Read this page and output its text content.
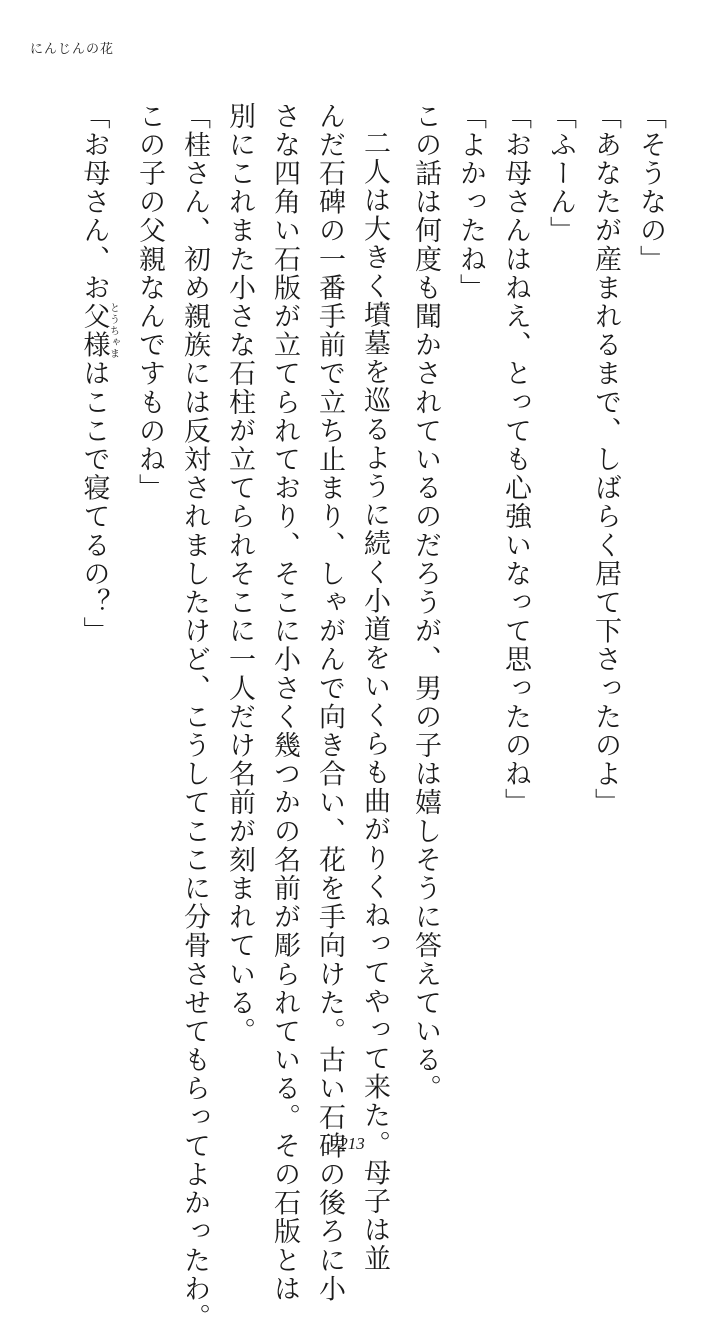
にんじんの花
「そうなの」
「あなたが産まれるまで、しばらく居て下さったのよ」
「ふーん」
「お母さんはねえ、とっても心強いなって思ったのね」
「よかったね」
この話は何度も聞かされているのだろうが、男の子は嬉しそうに答えている。
二人は大きく墳墓を巡るように続く小道をいくらも曲がりくねってやって来た。母子は並
んだ石碑の一番手前で立ち止まり、しゃがんで向き合い、花を手向けた。古い石碑の後ろに小
さな四角い石版が立てられており、そこに小さく幾つかの名前が彫られている。その石版とは
別にこれまた小さな石柱が立てられそこに一人だけ名前が刻まれている。
「桂さん、初め親族には反対されましたけど、こうしてここに分骨させてもらってよかったわ。
この子の父親なんですものね」
「お母さん、お父様とうちゃまはここで寝てるの？」
213
